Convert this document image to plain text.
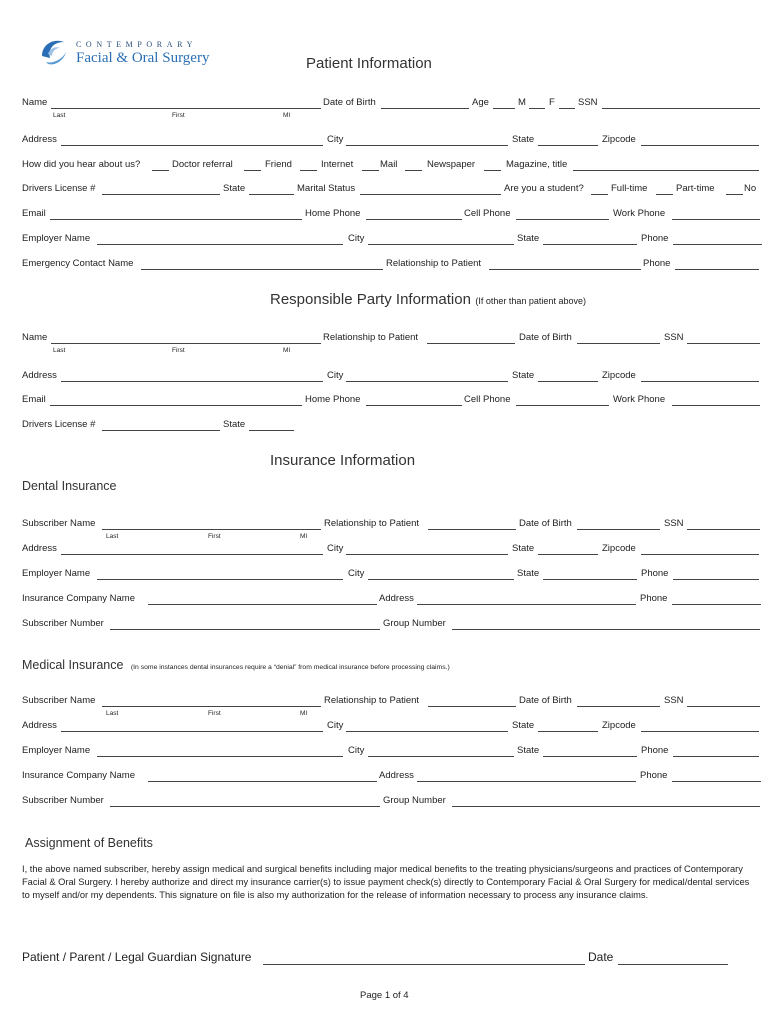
CONTEMPORARY
Facial & Oral Surgery	Patient Information
Name	Date of Birth	Age	M F SSN
Last	First	MI
Address	City	State	Zipcode
How did you hear about us?	Doctor referral	Friend	Internet	Mail	Newspaper	Magazine, title
Drivers License #	State	Marital Status	Are you a student?	Full-time	Part-time	No
Email	Home Phone	Cell Phone	Work Phone
Employer Name	City	State	Phone
Emergency Contact Name	Relationship to Patient	Phone
Responsible Party Information (If other than patient above)
Name	Relationship to Patient	Date of Birth	SSN
Last	First	MI
Address	City	State	Zipcode
Email	Home Phone	Cell Phone	Work Phone
Drivers License #	State
Insurance Information
Dental Insurance
Subscriber Name	Relationship to Patient	Date of Birth	SSN
Last	First	MI
Address	City	State	Zipcode
Employer Name	City	State	Phone
Insurance Company Name	Address	Phone
Subscriber Number	Group Number
Medical Insurance (In some instances dental insurances require a “denial” from medical insurance before processing claims.)
Subscriber Name	Relationship to Patient	Date of Birth	SSN
Last	First	MI
Address	City	State	Zipcode
Employer Name	City	State	Phone
Insurance Company Name	Address	Phone
Subscriber Number	Group Number
Assignment of Benefits
I, the above named subscriber, hereby assign medical and surgical benefits including major medical benefits to the treating physicians/surgeons and practices of Contemporary Facial & Oral Surgery. I hereby authorize and direct my insurance carrier(s) to issue payment check(s) directly to Contemporary Facial & Oral Surgery for medical/dental services to myself and/or my dependents. This signature on file is also my authorization for the release of information necessary to process any insurance claims.
Patient / Parent / Legal Guardian Signature	Date
Page 1 of 4
